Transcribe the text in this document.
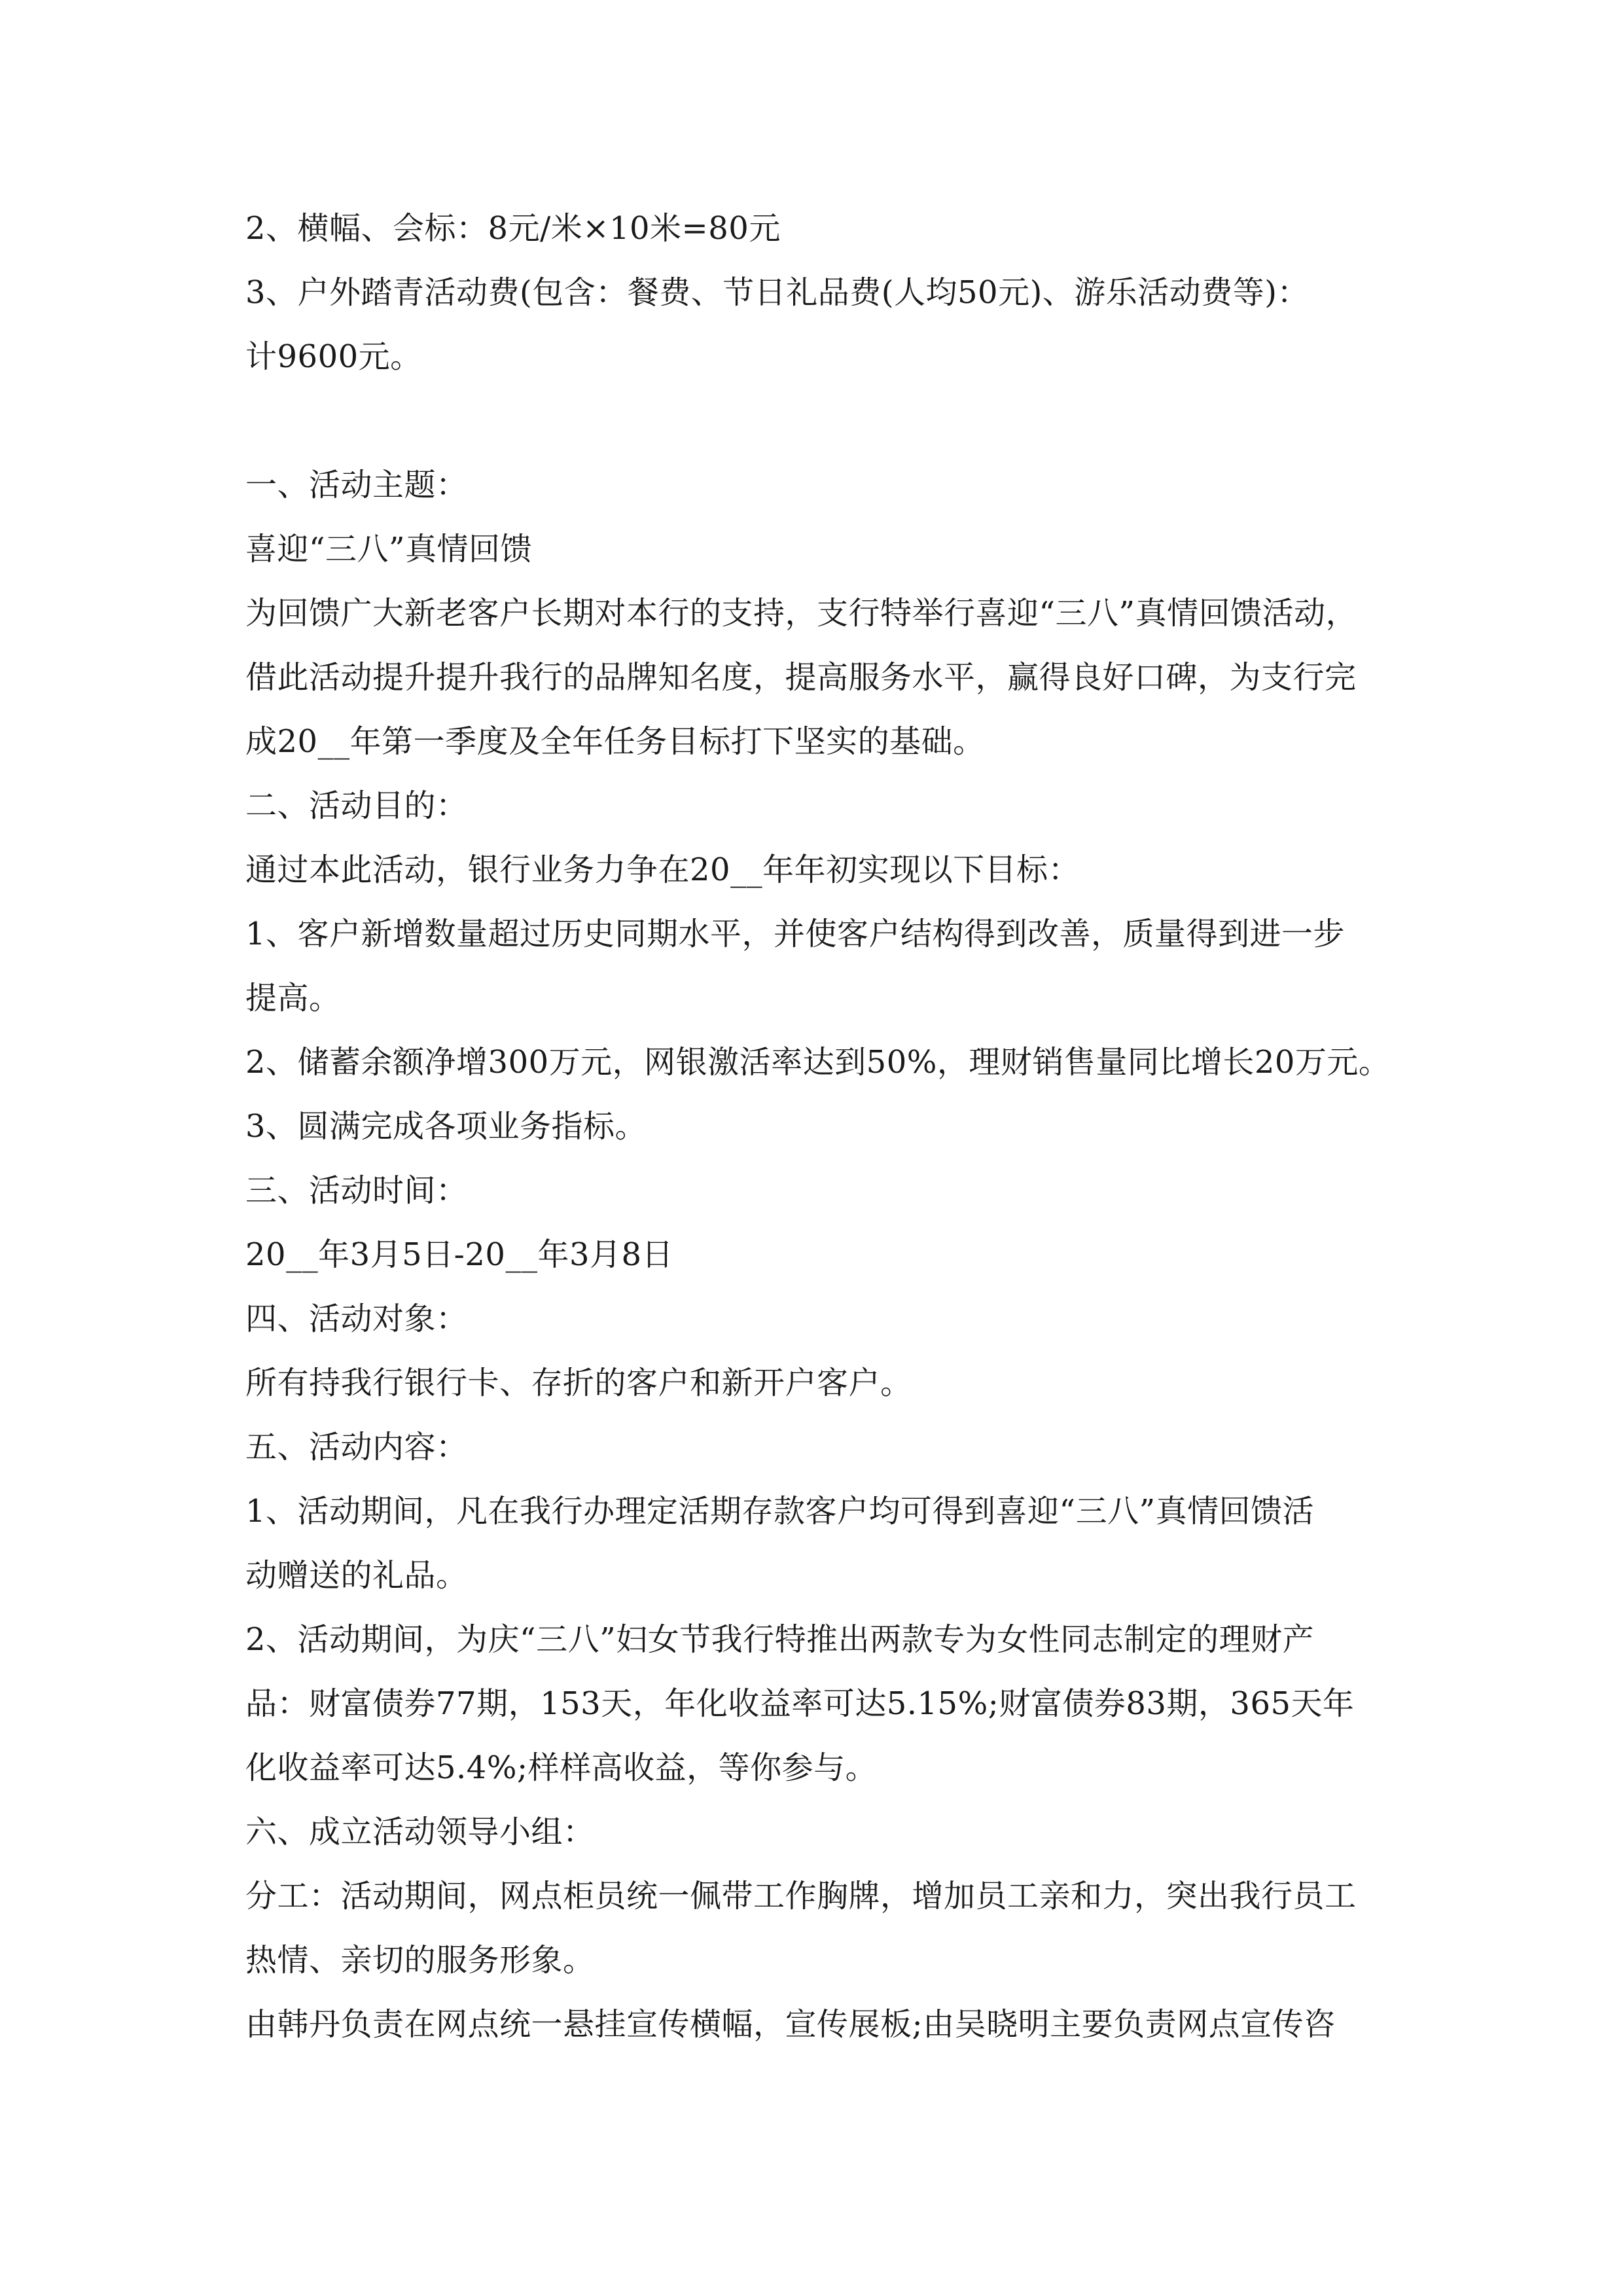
2、横幅、会标：8元/米×10米=80元

3、户外踏青活动费(包含：餐费、节日礼品费(人均50元)、游乐活动费等)：

计9600元。

一、活动主题：

喜迎“三八”真情回馈

为回馈广大新老客户长期对本行的支持，支行特举行喜迎“三八”真情回馈活动，

借此活动提升提升我行的品牌知名度，提高服务水平，赢得良好口碑，为支行完

成20__年第一季度及全年任务目标打下坚实的基础。

二、活动目的：

通过本此活动，银行业务力争在20__年年初实现以下目标：

1、客户新增数量超过历史同期水平，并使客户结构得到改善，质量得到进一步

提高。

2、储蓄余额净增300万元，网银激活率达到50%，理财销售量同比增长20万元。

3、圆满完成各项业务指标。

三、活动时间：

20__年3月5日-20__年3月8日

四、活动对象：

所有持我行银行卡、存折的客户和新开户客户。

五、活动内容：

1、活动期间，凡在我行办理定活期存款客户均可得到喜迎“三八”真情回馈活

动赠送的礼品。

2、活动期间，为庆“三八”妇女节我行特推出两款专为女性同志制定的理财产

品：财富债券77期，153天，年化收益率可达5.15%;财富债券83期，365天年

化收益率可达5.4%;样样高收益，等你参与。

六、成立活动领导小组：

分工：活动期间，网点柜员统一佩带工作胸牌，增加员工亲和力，突出我行员工

热情、亲切的服务形象。

由韩丹负责在网点统一悬挂宣传横幅，宣传展板;由吴晓明主要负责网点宣传咨
